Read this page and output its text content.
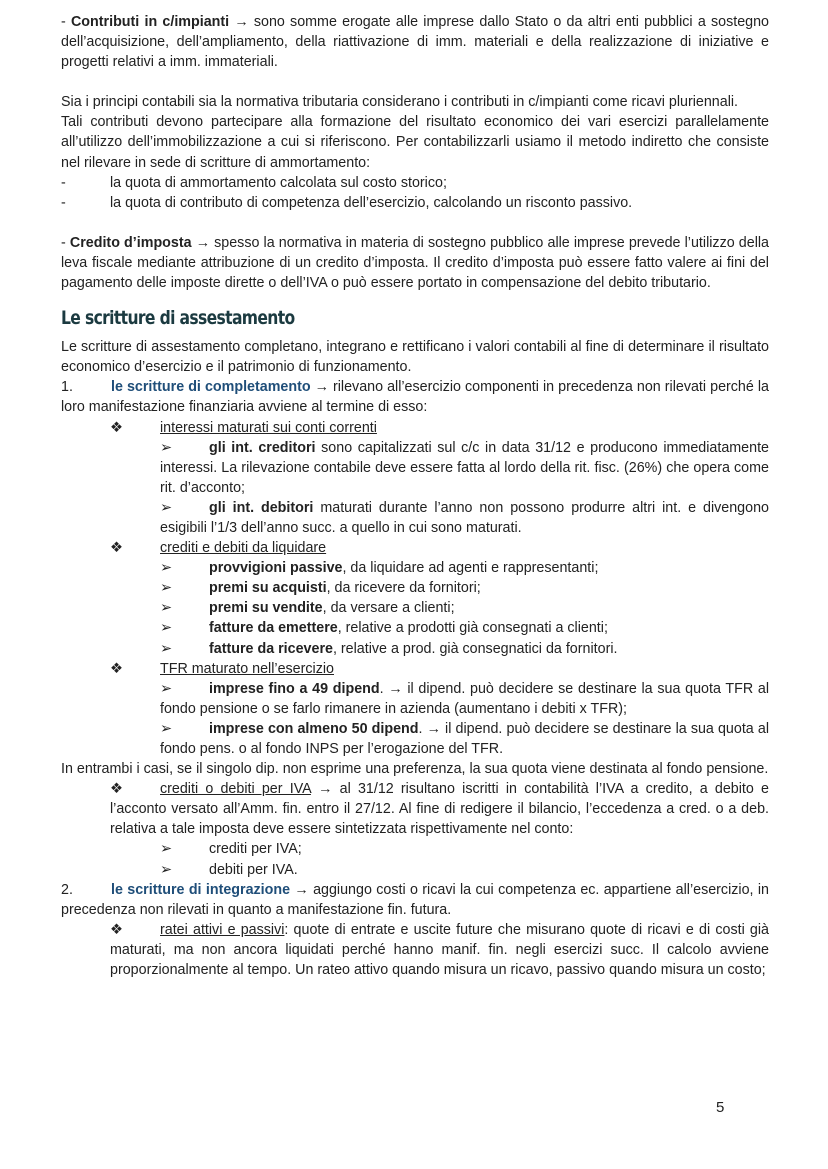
- Contributi in c/impianti → sono somme erogate alle imprese dallo Stato o da altri enti pubblici a sostegno dell’acquisizione, dell’ampliamento, della riattivazione di imm. materiali e della realizzazione di iniziative e progetti relativi a imm. immateriali.

Sia i principi contabili sia la normativa tributaria considerano i contributi in c/impianti come ricavi pluriennali.

Tali contributi devono partecipare alla formazione del risultato economico dei vari esercizi parallelamente all’utilizzo dell’immobilizzazione a cui si riferiscono. Per contabilizzarli usiamo il metodo indiretto che consiste nel rilevare in sede di scritture di ammortamento:

-	la quota di ammortamento calcolata sul costo storico;
-	la quota di contributo di competenza dell’esercizio, calcolando un risconto passivo.

- Credito d’imposta → spesso la normativa in materia di sostegno pubblico alle imprese prevede l’utilizzo della leva fiscale mediante attribuzione di un credito d’imposta. Il credito d’imposta può essere fatto valere ai fini del pagamento delle imposte dirette o dell’IVA o può essere portato in compensazione del debito tributario.

Le scritture di assestamento

Le scritture di assestamento completano, integrano e rettificano i valori contabili al fine di determinare il risultato economico d’esercizio e il patrimonio di funzionamento.

1.	le scritture di completamento → rilevano all’esercizio componenti in precedenza non rilevati perché la loro manifestazione finanziaria avviene al termine di esso:

❖	interessi maturati sui conti correnti

➢	gli int. creditori sono capitalizzati sul c/c in data 31/12 e producono immediatamente interessi. La rilevazione contabile deve essere fatta al lordo della rit. fisc. (26%) che opera come rit. d’acconto;

➢	gli int. debitori maturati durante l’anno non possono produrre altri int. e divengono esigibili l’1/3 dell’anno succ. a quello in cui sono maturati.

❖	crediti e debiti da liquidare

➢	provvigioni passive, da liquidare ad agenti e rappresentanti;

➢	premi su acquisti, da ricevere da fornitori;

➢	premi su vendite, da versare a clienti;

➢	fatture da emettere, relative a prodotti già consegnati a clienti;

➢	fatture da ricevere, relative a prod. già consegnatici da fornitori.

❖	TFR maturato nell’esercizio

➢	imprese fino a 49 dipend. → il dipend. può decidere se destinare la sua quota TFR al fondo pensione o se farlo rimanere in azienda (aumentano i debiti x TFR);

➢	imprese con almeno 50 dipend. → il dipend. può decidere se destinare la sua quota al fondo pens. o al fondo INPS per l’erogazione del TFR.

In entrambi i casi, se il singolo dip. non esprime una preferenza, la sua quota viene destinata al fondo pensione.

❖	crediti o debiti per IVA → al 31/12 risultano iscritti in contabilità l’IVA a credito, a debito e l’acconto versato all’Amm. fin. entro il 27/12. Al fine di redigere il bilancio, l’eccedenza a cred. o a deb. relativa a tale imposta deve essere sintetizzata rispettivamente nel conto:

➢	crediti per IVA;

➢	debiti per IVA.

2.	le scritture di integrazione → aggiungo costi o ricavi la cui competenza ec. appartiene all’esercizio, in precedenza non rilevati in quanto a manifestazione fin. futura.

❖	ratei attivi e passivi: quote di entrate e uscite future che misurano quote di ricavi e di costi già maturati, ma non ancora liquidati perché hanno manif. fin. negli esercizi succ. Il calcolo avviene proporzionalmente al tempo. Un rateo attivo quando misura un ricavo, passivo quando misura un costo;

5
